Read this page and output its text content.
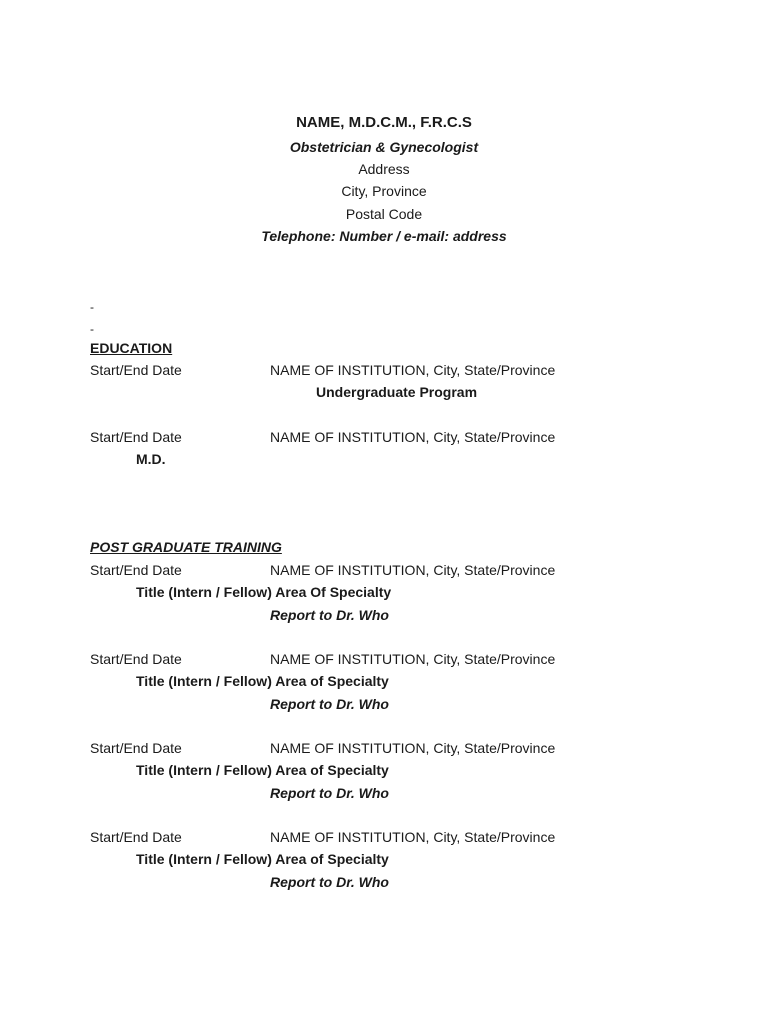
NAME, M.D.C.M., F.R.C.S
Obstetrician & Gynecologist
Address
City, Province
Postal Code
Telephone: Number / e-mail: address
-
-
EDUCATION
Start/End Date	NAME OF INSTITUTION, City, State/Province
Undergraduate Program
Start/End Date	NAME OF INSTITUTION, City, State/Province
M.D.
POST GRADUATE TRAINING
Start/End Date	NAME OF INSTITUTION, City, State/Province
Title (Intern / Fellow) Area Of Specialty
Report to Dr. Who
Start/End Date	NAME OF INSTITUTION, City, State/Province
Title (Intern / Fellow) Area of Specialty
Report to Dr. Who
Start/End Date	NAME OF INSTITUTION, City, State/Province
Title (Intern / Fellow) Area of Specialty
Report to Dr. Who
Start/End Date	NAME OF INSTITUTION, City, State/Province
Title (Intern / Fellow) Area of Specialty
Report to Dr. Who
